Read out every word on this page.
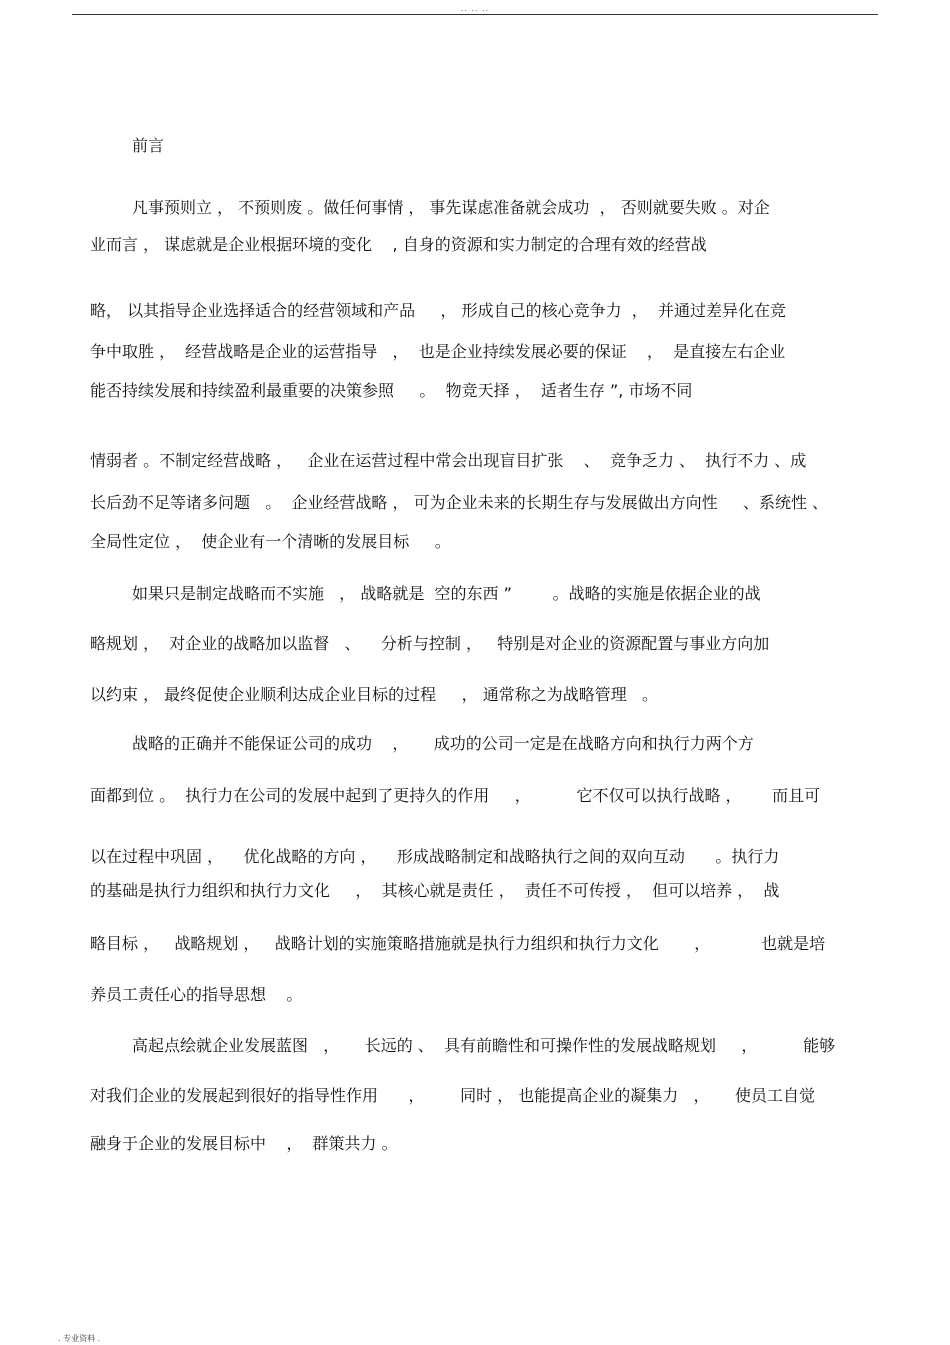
.. .. ..
前言
凡事预则立 ， 不预则废 。做任何事情 ， 事先谋虑准备就会成功  ， 否则就要失败 。对企
业而言 ， 谋虑就是企业根据环境的变化    , 自身的资源和实力制定的合理有效的经营战
略， 以其指导企业选择适合的经营领域和产品     ， 形成自己的核心竞争力  ，  并通过差异化在竞
争中取胜 ，  经营战略是企业的运营指导   ，  也是企业持续发展必要的保证    ，  是直接左右企业
能否持续发展和持续盈利最重要的决策参照     。  物竞天择 ，  适者生存 ”, 市场不同
情弱者 。不制定经营战略 ，   企业在运营过程中常会出现盲目扩张    、  竞争乏力 、  执行不力 、成
长后劲不足等诸多问题   。  企业经营战略 ， 可为企业未来的长期生存与发展做出方向性     、系统性 、
全局性定位 ，  使企业有一个清晰的发展目标     。
如果只是制定战略而不实施   ， 战略就是  空的东西 ”        。战略的实施是依据企业的战
略规划 ，  对企业的战略加以监督   、    分析与控制 ，   特别是对企业的资源配置与事业方向加
以约束 ， 最终促使企业顺利达成企业目标的过程     ， 通常称之为战略管理   。
战略的正确并不能保证公司的成功    ，     成功的公司一定是在战略方向和执行力两个方
面都到位 。  执行力在公司的发展中起到了更持久的作用     ，         它不仅可以执行战略 ，      而且可
以在过程中巩固 ，    优化战略的方向 ，    形成战略制定和战略执行之间的双向互动      。执行力
的基础是执行力组织和执行力文化     ，  其核心就是责任 ，  责任不可传授 ，  但可以培养 ，  战
略目标 ，   战略规划 ，   战略计划的实施策略措施就是执行力组织和执行力文化       ，          也就是培
养员工责任心的指导思想    。
高起点绘就企业发展蓝图   ，     长远的 、  具有前瞻性和可操作性的发展战略规划     ，         能够
对我们企业的发展起到很好的指导性作用      ，       同时 ， 也能提高企业的凝集力   ，     使员工自觉
融身于企业的发展目标中    ，  群策共力 。
. 专业资料 .
